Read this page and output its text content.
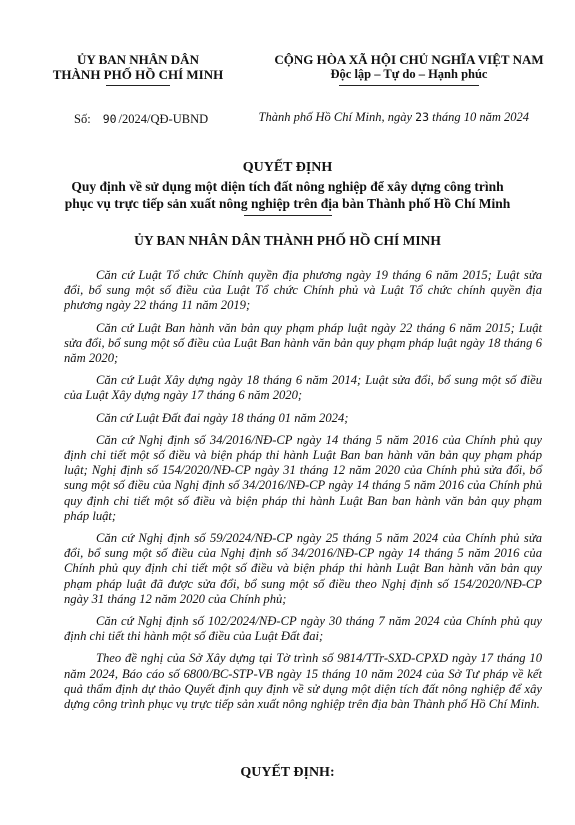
ỦY BAN NHÂN DÂN
THÀNH PHỐ HỒ CHÍ MINH
CỘNG HÒA XÃ HỘI CHỦ NGHĨA VIỆT NAM
Độc lập – Tự do – Hạnh phúc
Số: 90 /2024/QĐ-UBND	Thành phố Hồ Chí Minh, ngày 23 tháng 10 năm 2024
QUYẾT ĐỊNH
Quy định về sử dụng một diện tích đất nông nghiệp để xây dựng công trình phục vụ trực tiếp sản xuất nông nghiệp trên địa bàn Thành phố Hồ Chí Minh
ỦY BAN NHÂN DÂN THÀNH PHỐ HỒ CHÍ MINH

Căn cứ Luật Tổ chức Chính quyền địa phương ngày 19 tháng 6 năm 2015; Luật sửa đổi, bổ sung một số điều của Luật Tổ chức Chính phủ và Luật Tổ chức chính quyền địa phương ngày 22 tháng 11 năm 2019;

Căn cứ Luật Ban hành văn bản quy phạm pháp luật ngày 22 tháng 6 năm 2015; Luật sửa đổi, bổ sung một số điều của Luật Ban hành văn bản quy phạm pháp luật ngày 18 tháng 6 năm 2020;

Căn cứ Luật Xây dựng ngày 18 tháng 6 năm 2014; Luật sửa đổi, bổ sung một số điều của Luật Xây dựng ngày 17 tháng 6 năm 2020;

Căn cứ Luật Đất đai ngày 18 tháng 01 năm 2024;

Căn cứ Nghị định số 34/2016/NĐ-CP ngày 14 tháng 5 năm 2016 của Chính phủ quy định chi tiết một số điều và biện pháp thi hành Luật Ban ban hành văn bản quy phạm pháp luật; Nghị định số 154/2020/NĐ-CP ngày 31 tháng 12 năm 2020 của Chính phủ sửa đổi, bổ sung một số điều của Nghị định số 34/2016/NĐ-CP ngày 14 tháng 5 năm 2016 của Chính phủ quy định chi tiết một số điều và biện pháp thi hành Luật Ban ban hành văn bản quy phạm pháp luật;

Căn cứ Nghị định số 59/2024/NĐ-CP ngày 25 tháng 5 năm 2024 của Chính phủ sửa đổi, bổ sung một số điều của Nghị định số 34/2016/NĐ-CP ngày 14 tháng 5 năm 2016 của Chính phủ quy định chi tiết một số điều và biện pháp thi hành Luật Ban hành văn bản quy phạm pháp luật đã được sửa đổi, bổ sung một số điều theo Nghị định số 154/2020/NĐ-CP ngày 31 tháng 12 năm 2020 của Chính phủ;

Căn cứ Nghị định số 102/2024/NĐ-CP ngày 30 tháng 7 năm 2024 của Chính phủ quy định chi tiết thi hành một số điều của Luật Đất đai;

Theo đề nghị của Sở Xây dựng tại Tờ trình số 9814/TTr-SXD-CPXD ngày 17 tháng 10 năm 2024, Báo cáo số 6800/BC-STP-VB ngày 15 tháng 10 năm 2024 của Sở Tư pháp về kết quả thẩm định dự thảo Quyết định quy định về sử dụng một diện tích đất nông nghiệp để xây dựng công trình phục vụ trực tiếp sản xuất nông nghiệp trên địa bàn Thành phố Hồ Chí Minh.

QUYẾT ĐỊNH:
